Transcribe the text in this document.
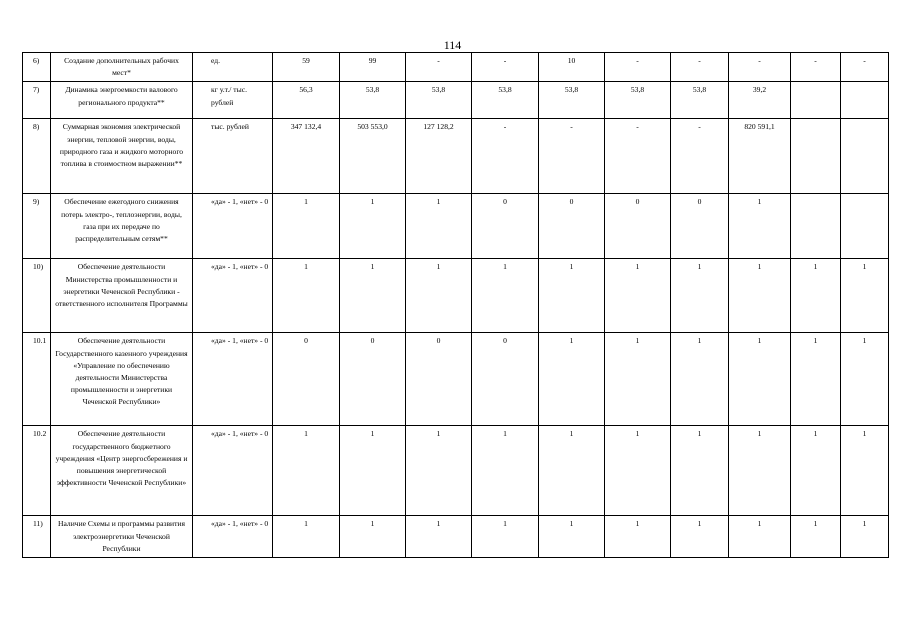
114
6)	Создание дополнительных рабочих мест*	ед.	59	99	-	-	10	-	-	-	-	-
7)	Динамика энергоемкости валового регионального продукта**	кг у.т./ тыс. рублей	56,3	53,8	53,8	53,8	53,8	53,8	53,8	39,2		
8)	Суммарная экономия электрической энергии, тепловой энергии, воды, природного газа и жидкого моторного топлива в стоимостном выражении**	тыс. рублей	347 132,4	503 553,0	127 128,2	-	-	-	-	820 591,1		
9)	Обеспечение ежегодного снижения потерь электро-, теплоэнергии, воды, газа при их передаче по распределительным сетям**	«да» - 1, «нет» - 0	1	1	1	0	0	0	0	1		
10)	Обеспечение деятельности Министерства промышленности и энергетики Чеченской Республики - ответственного исполнителя Программы	«да» - 1, «нет» - 0	1	1	1	1	1	1	1	1	1	1
10.1	Обеспечение деятельности Государственного казенного учреждения «Управление по обеспечению деятельности Министерства промышленности и энергетики Чеченской Республики»	«да» - 1, «нет» - 0	0	0	0	0	1	1	1	1	1	1
10.2	Обеспечение деятельности государственного бюджетного учреждения «Центр энергосбережения и повышения энергетической эффективности Чеченской Республики»	«да» - 1, «нет» - 0	1	1	1	1	1	1	1	1	1	1
11)	Наличие Схемы и программы развития электроэнергетики Чеченской Республики	«да» - 1, «нет» - 0	1	1	1	1	1	1	1	1	1	1
